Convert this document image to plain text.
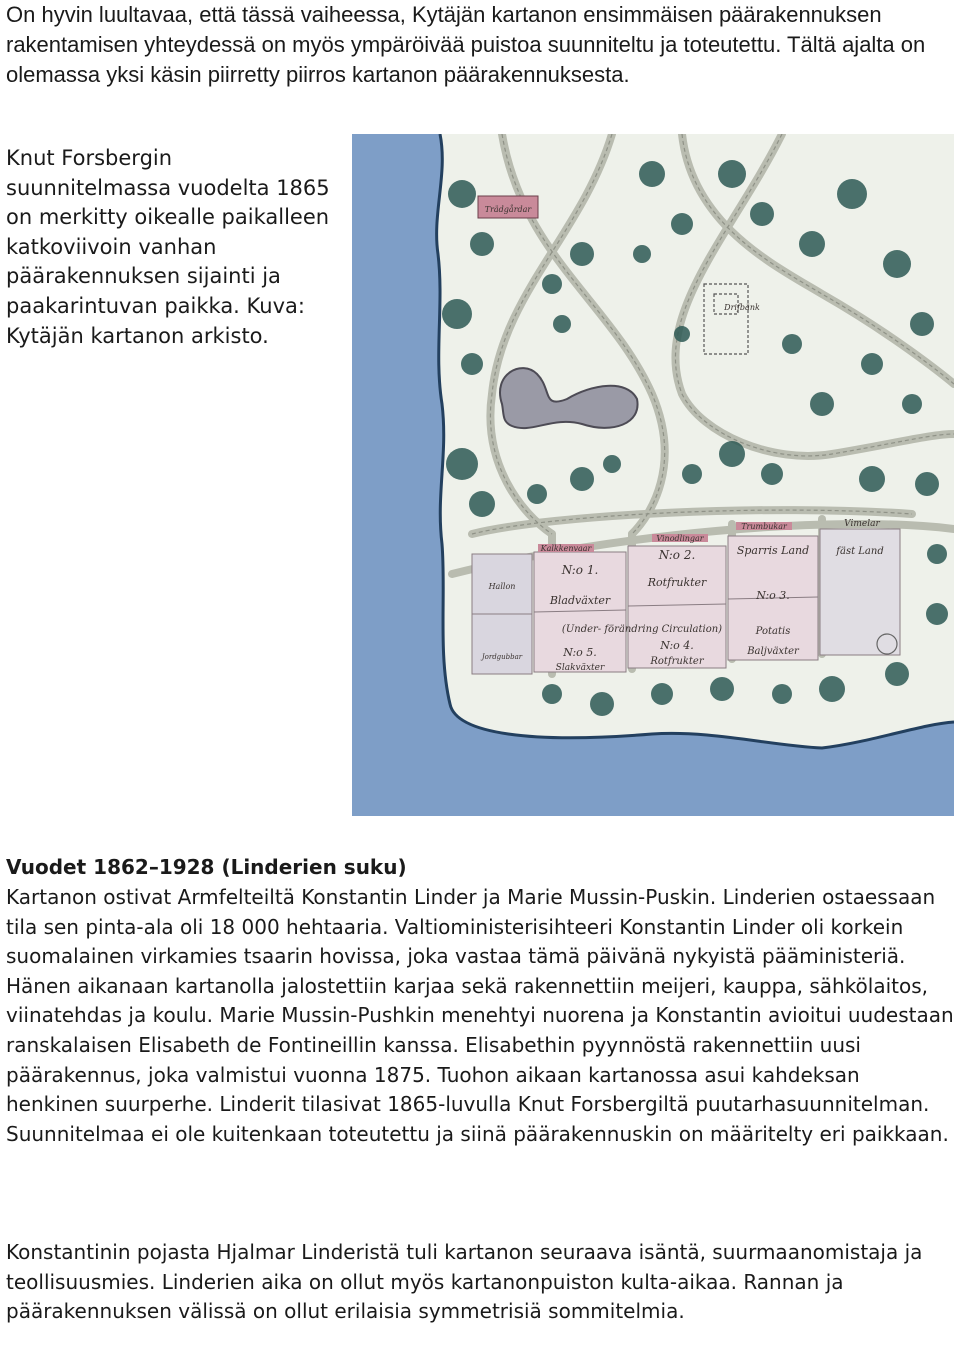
On hyvin luultavaa, että tässä vaiheessa, Kytäjän kartanon ensimmäisen päärakennuksen rakentamisen yhteydessä on myös ympäröivää puistoa suunniteltu ja toteutettu. Tältä ajalta on olemassa yksi käsin piirretty piirros kartanon päärakennuksesta.

Knut Forsbergin suunnitelmassa vuodelta 1865 on merkitty oikealle paikalleen katkoviivoin vanhan päärakennuksen sijainti ja paakarintuvan paikka. Kuva: Kytäjän kartanon arkisto.

Trädgårdar
Kalkkenvaar
Vinodlingar
Trumbukar	Vimelar
N:o 1.
Bladväxter
N:o 2.
Rotfrukter
Sparris Land	fäst Land
Hallon
Jordgubbar
(Under- förändring Circulation)
N:o 5.
Slakväxter
N:o 4.
Rotfrukter
Potatis
Baljväxter
N:o 3.
Drifbänk
Vuodet 1862–1928 (Linderien suku)

Kartanon ostivat Armfelteiltä Konstantin Linder ja Marie Mussin-Puskin. Linderien ostaessaan tila sen pinta-ala oli 18 000 hehtaaria. Valtioministerisihteeri Konstantin Linder oli korkein suomalainen virkamies tsaarin hovissa, joka vastaa tämä päivänä nykyistä pääministeriä. Hänen aikanaan kartanolla jalostettiin karjaa sekä rakennettiin meijeri, kauppa, sähkölaitos, viinatehdas ja koulu. Marie Mussin-Pushkin menehtyi nuorena ja Konstantin avioitui uudestaan ranskalaisen Elisabeth de Fontineillin kanssa. Elisabethin pyynnöstä rakennettiin uusi päärakennus, joka valmistui vuonna 1875. Tuohon aikaan kartanossa asui kahdeksan henkinen suurperhe. Linderit tilasivat 1865-luvulla Knut Forsbergiltä puutarhasuunnitelman. Suunnitelmaa ei ole kuitenkaan toteutettu ja siinä päärakennuskin on määritelty eri paikkaan.

Konstantinin pojasta Hjalmar Linderistä tuli kartanon seuraava isäntä, suurmaanomistaja ja teollisuusmies. Linderien aika on ollut myös kartanonpuiston kulta-aikaa. Rannan ja päärakennuksen välissä on ollut erilaisia symmetrisiä sommitelmia.
